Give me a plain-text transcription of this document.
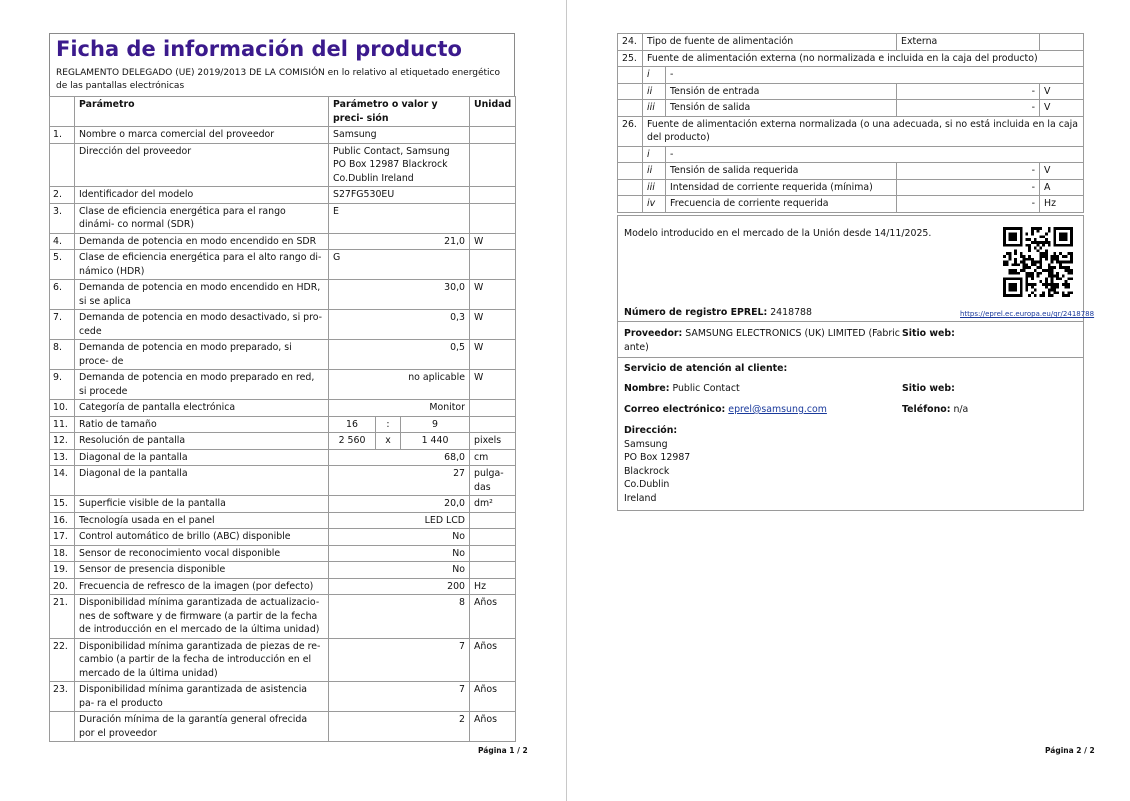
Ficha de información del producto
REGLAMENTO DELEGADO (UE) 2019/2013 DE LA COMISIÓN en lo relativo al etiquetado energético de las pantallas electrónicas
	Parámetro	Parámetro o valor y preci- sión			Unidad
1.	Nombre o marca comercial del proveedor	Samsung			
	Dirección del proveedor	Public Contact, Samsung
PO Box 12987 Blackrock
Co.Dublin Ireland			

2.	Identificador del modelo	S27FG530EU			
3.	Clase de eficiencia energética para el rango dinámi- co normal (SDR)	E			
4.	Demanda de potencia en modo encendido en SDR	21,0			W
5.	Clase de eficiencia energética para el alto rango di- námico (HDR)	G			
6.	Demanda de potencia en modo encendido en HDR, si se aplica	30,0			W
7.	Demanda de potencia en modo desactivado, si pro- cede	0,3			W
8.	Demanda de potencia en modo preparado, si proce- de	0,5			W
9.	Demanda de potencia en modo preparado en red, si procede	no aplicable			W
10.	Categoría de pantalla electrónica	Monitor			
11.	Ratio de tamaño	16	:	9	
12.	Resolución de pantalla	2 560	x	1 440	pixels
13.	Diagonal de la pantalla	68,0			cm
14.	Diagonal de la pantalla	27			pulga- das
15.	Superficie visible de la pantalla	20,0			dm²
16.	Tecnología usada en el panel	LED LCD			
17.	Control automático de brillo (ABC) disponible	No			
18.	Sensor de reconocimiento vocal disponible	No			
19.	Sensor de presencia disponible	No			
20.	Frecuencia de refresco de la imagen (por defecto)	200			Hz
21.	Disponibilidad mínima garantizada de actualizacio- nes de software y de firmware (a partir de la fecha de introducción en el mercado de la última unidad)	8			Años
22.	Disponibilidad mínima garantizada de piezas de re- cambio (a partir de la fecha de introducción en el mercado de la última unidad)	7			Años
23.	Disponibilidad mínima garantizada de asistencia pa- ra el producto	7			Años
	Duración mínima de la garantía general ofrecida por el proveedor	2			Años
Página 1 / 2
24.	Tipo de fuente de alimentación		Externa	
25.	Fuente de alimentación externa (no normalizada e incluida en la caja del producto)			
	i	-		
	ii	Tensión de entrada	-	V
	iii	Tensión de salida	-	V
26.	Fuente de alimentación externa normalizada (o una adecuada, si no está incluida en la caja del producto)			
	i	-		
	ii	Tensión de salida requerida	-	V
	iii	Intensidad de corriente requerida (mínima)	-	A
	iv	Frecuencia de corriente requerida	-	Hz
Modelo introducido en el mercado de la Unión desde 14/11/2025.
Número de registro EPREL: 2418788	https://eprel.ec.europa.eu/qr/2418788
Proveedor: SAMSUNG ELECTRONICS (UK) LIMITED (Fabric
ante)
Sitio web:
Servicio de atención al cliente:
Nombre: Public Contact	Sitio web:
Correo electrónico: eprel@samsung.com	Teléfono: n/a
Dirección:
Samsung
PO Box 12987
Blackrock
Co.Dublin
Ireland
Página 2 / 2
